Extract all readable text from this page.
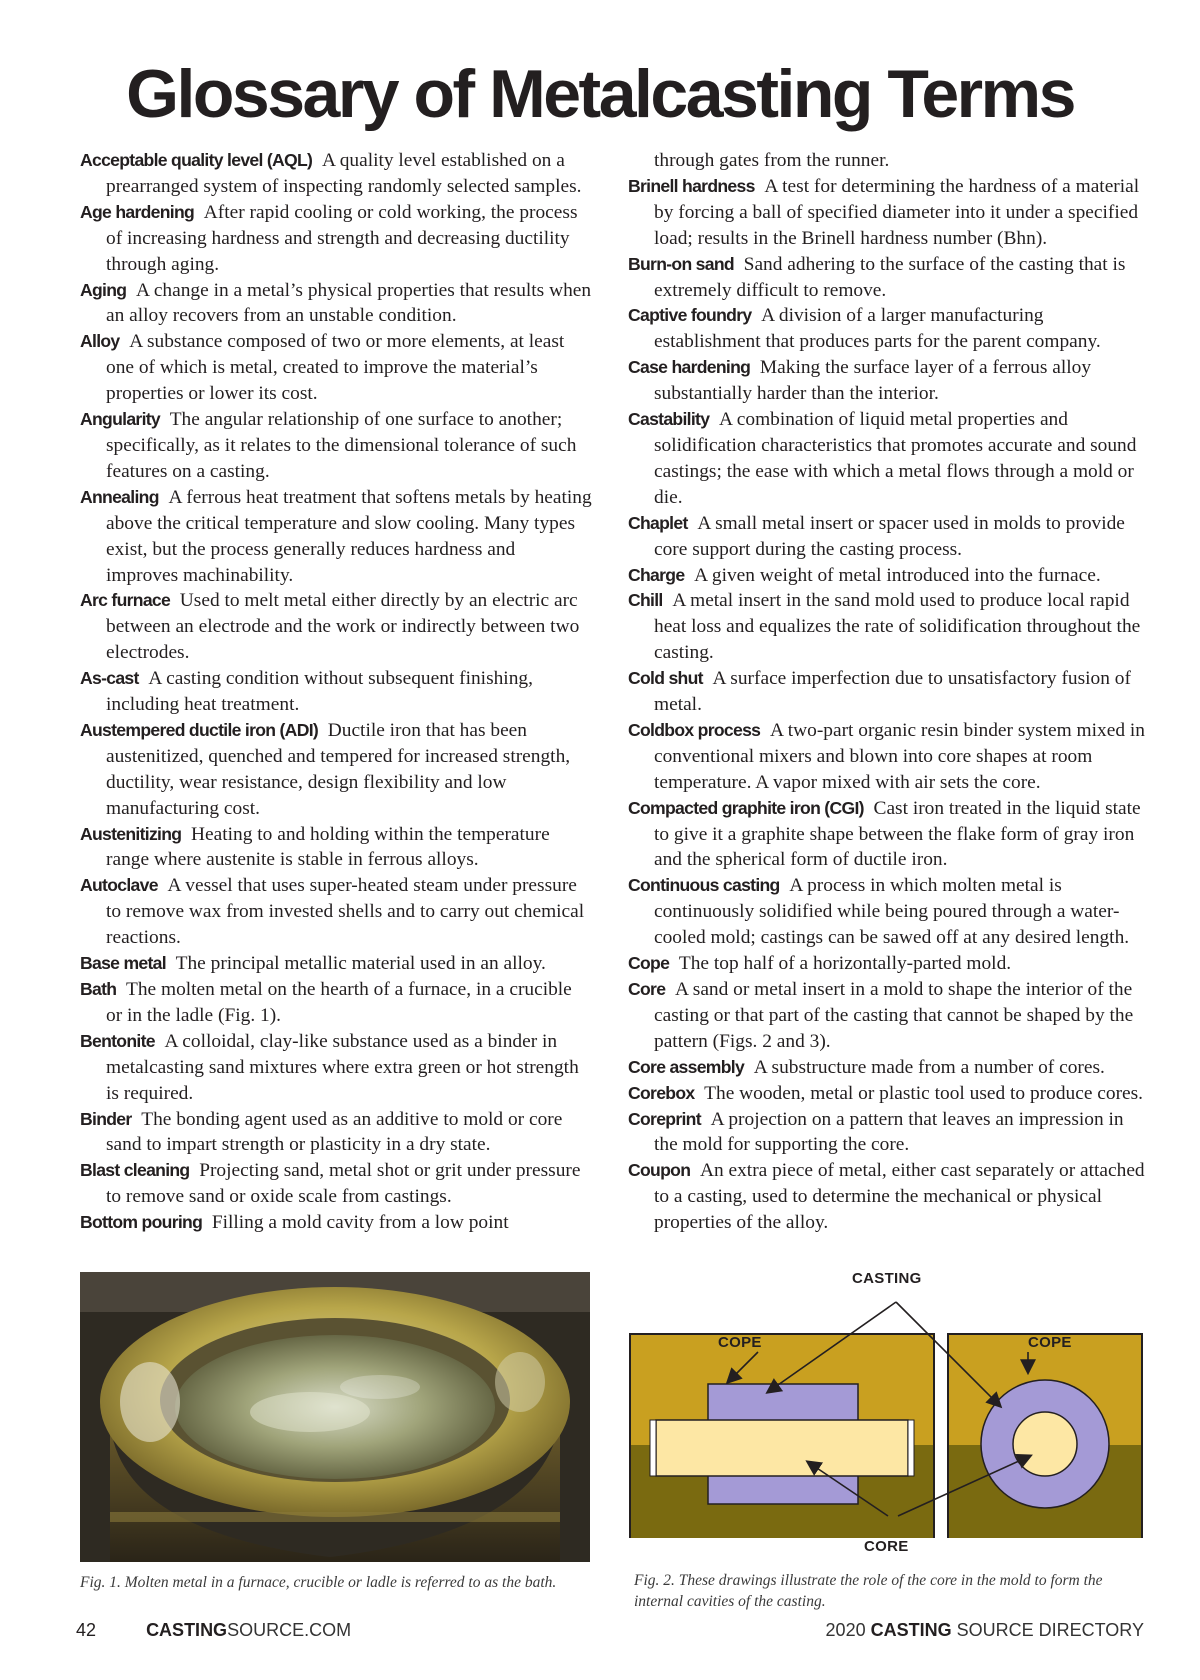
Glossary of Metalcasting Terms

Acceptable quality level (AQL)  A quality level established on a prearranged system of inspecting randomly selected samples.

Age hardening  After rapid cooling or cold working, the process of increasing hardness and strength and decreasing ductility through aging.

Aging  A change in a metal’s physical properties that results when an alloy recovers from an unstable condition.

Alloy  A substance composed of two or more elements, at least one of which is metal, created to improve the material’s properties or lower its cost.

Angularity  The angular relationship of one surface to another; specifically, as it relates to the dimensional tolerance of such features on a casting.

Annealing  A ferrous heat treatment that softens metals by heating above the critical temperature and slow cooling. Many types exist, but the process generally reduces hardness and improves machinability.

Arc furnace  Used to melt metal either directly by an electric arc between an electrode and the work or indirectly between two electrodes.

As-cast  A casting condition without subsequent finishing, including heat treatment.

Austempered ductile iron (ADI)  Ductile iron that has been austenitized, quenched and tempered for increased strength, ductility, wear resistance, design flexibility and low manufacturing cost.

Austenitizing  Heating to and holding within the temperature range where austenite is stable in ferrous alloys.

Autoclave  A vessel that uses super-heated steam under pressure to remove wax from invested shells and to carry out chemical reactions.

Base metal  The principal metallic material used in an alloy.

Bath  The molten metal on the hearth of a furnace, in a crucible or in the ladle (Fig. 1).

Bentonite  A colloidal, clay-like substance used as a binder in metalcasting sand mixtures where extra green or hot strength is required.

Binder  The bonding agent used as an additive to mold or core sand to impart strength or plasticity in a dry state.

Blast cleaning  Projecting sand, metal shot or grit under pressure to remove sand or oxide scale from castings.

Bottom pouring  Filling a mold cavity from a low point

through gates from the runner.

Brinell hardness  A test for determining the hardness of a material by forcing a ball of specified diameter into it under a specified load; results in the Brinell hardness number (Bhn).

Burn-on sand  Sand adhering to the surface of the casting that is extremely difficult to remove.

Captive foundry  A division of a larger manufacturing establishment that produces parts for the parent company.

Case hardening  Making the surface layer of a ferrous alloy substantially harder than the interior.

Castability  A combination of liquid metal properties and solidification characteristics that promotes accurate and sound castings; the ease with which a metal flows through a mold or die.

Chaplet  A small metal insert or spacer used in molds to provide core support during the casting process.

Charge  A given weight of metal introduced into the furnace.

Chill  A metal insert in the sand mold used to produce local rapid heat loss and equalizes the rate of solidification throughout the casting.

Cold shut  A surface imperfection due to unsatisfactory fusion of metal.

Coldbox process  A two-part organic resin binder system mixed in conventional mixers and blown into core shapes at room temperature. A vapor mixed with air sets the core.

Compacted graphite iron (CGI)  Cast iron treated in the liquid state to give it a graphite shape between the flake form of gray iron and the spherical form of ductile iron.

Continuous casting  A process in which molten metal is continuously solidified while being poured through a water-cooled mold; castings can be sawed off at any desired length.

Cope  The top half of a horizontally-parted mold.

Core  A sand or metal insert in a mold to shape the interior of the casting or that part of the casting that cannot be shaped by the pattern (Figs. 2 and 3).

Core assembly  A substructure made from a number of cores.

Corebox  The wooden, metal or plastic tool used to produce cores.

Coreprint  A projection on a pattern that leaves an impression in the mold for supporting the core.

Coupon  An extra piece of metal, either cast separately or attached to a casting, used to determine the mechanical or physical properties of the alloy.

Fig. 1. Molten metal in a furnace, crucible or ladle is referred to as the bath.
CASTING
COPE	COPE
CORE
Fig. 2. These drawings illustrate the role of the core in the mold to form the internal cavities of the casting.
42	CASTINGSOURCE.COM	2020 CASTING SOURCE DIRECTORY
